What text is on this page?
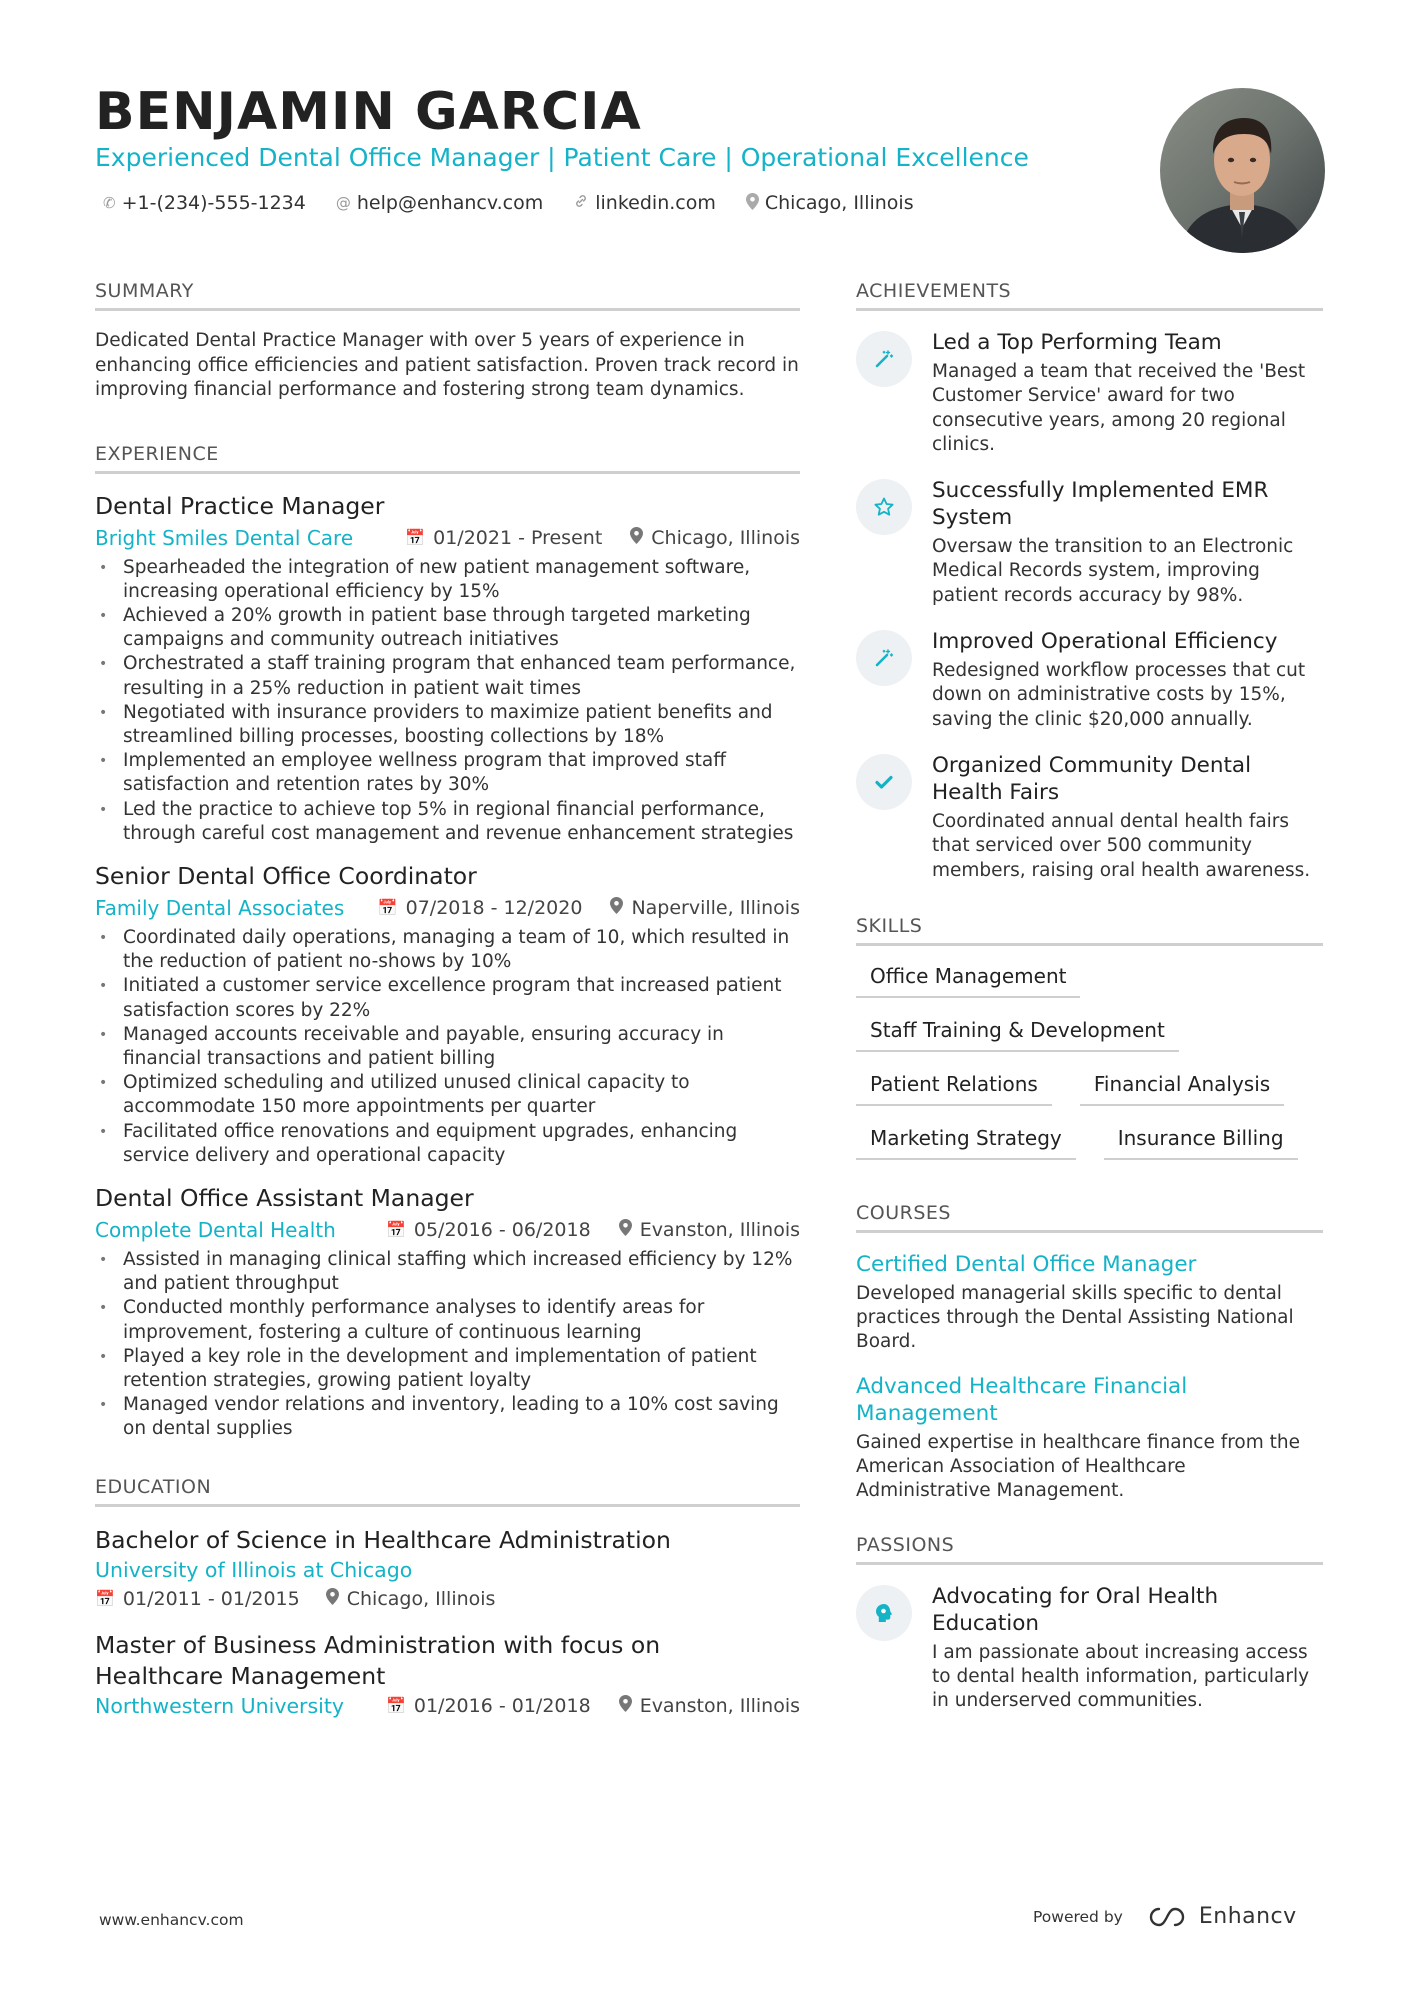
BENJAMIN GARCIA
Experienced Dental Office Manager | Patient Care | Operational Excellence
✆ +1-(234)-555-1234 @ help@enhancv.com	linkedin.com	Chicago, Illinois
SUMMARY

Dedicated Dental Practice Manager with over 5 years of experience in enhancing office efficiencies and patient satisfaction. Proven track record in improving financial performance and fostering strong team dynamics.

EXPERIENCE
Dental Practice Manager
Bright Smiles Dental Care	📅 01/2021 - Present	Chicago, Illinois
• Spearheaded the integration of new patient management software, increasing operational efficiency by 15%
• Achieved a 20% growth in patient base through targeted marketing campaigns and community outreach initiatives
• Orchestrated a staff training program that enhanced team performance, resulting in a 25% reduction in patient wait times
• Negotiated with insurance providers to maximize patient benefits and streamlined billing processes, boosting collections by 18%
• Implemented an employee wellness program that improved staff satisfaction and retention rates by 30%
• Led the practice to achieve top 5% in regional financial performance, through careful cost management and revenue enhancement strategies
Senior Dental Office Coordinator
Family Dental Associates	📅 07/2018 - 12/2020	Naperville, Illinois
• Coordinated daily operations, managing a team of 10, which resulted in the reduction of patient no-shows by 10%
• Initiated a customer service excellence program that increased patient satisfaction scores by 22%
• Managed accounts receivable and payable, ensuring accuracy in financial transactions and patient billing
• Optimized scheduling and utilized unused clinical capacity to accommodate 150 more appointments per quarter
• Facilitated office renovations and equipment upgrades, enhancing service delivery and operational capacity
Dental Office Assistant Manager
Complete Dental Health	📅 05/2016 - 06/2018	Evanston, Illinois
• Assisted in managing clinical staffing which increased efficiency by 12% and patient throughput
• Conducted monthly performance analyses to identify areas for improvement, fostering a culture of continuous learning
• Played a key role in the development and implementation of patient retention strategies, growing patient loyalty
• Managed vendor relations and inventory, leading to a 10% cost saving on dental supplies
EDUCATION
Bachelor of Science in Healthcare Administration
University of Illinois at Chicago
📅 01/2011 - 01/2015 Chicago, Illinois
Master of Business Administration with focus on Healthcare Management
Northwestern University	📅 01/2016 - 01/2018	Evanston, Illinois
ACHIEVEMENTS
Led a Top Performing Team
Managed a team that received the 'Best Customer Service' award for two consecutive years, among 20 regional clinics.
Successfully Implemented EMR System
Oversaw the transition to an Electronic Medical Records system, improving patient records accuracy by 98%.
Improved Operational Efficiency
Redesigned workflow processes that cut down on administrative costs by 15%, saving the clinic $20,000 annually.
Organized Community Dental Health Fairs
Coordinated annual dental health fairs that serviced over 500 community members, raising oral health awareness.
SKILLS
Office Management
Staff Training & Development
Patient Relations	Financial Analysis
Marketing Strategy	Insurance Billing
COURSES
Certified Dental Office Manager
Developed managerial skills specific to dental practices through the Dental Assisting National Board.
Advanced Healthcare Financial Management
Gained expertise in healthcare finance from the American Association of Healthcare Administrative Management.
PASSIONS
Advocating for Oral Health Education
I am passionate about increasing access to dental health information, particularly in underserved communities.
www.enhancv.com	Powered by	Enhancv
